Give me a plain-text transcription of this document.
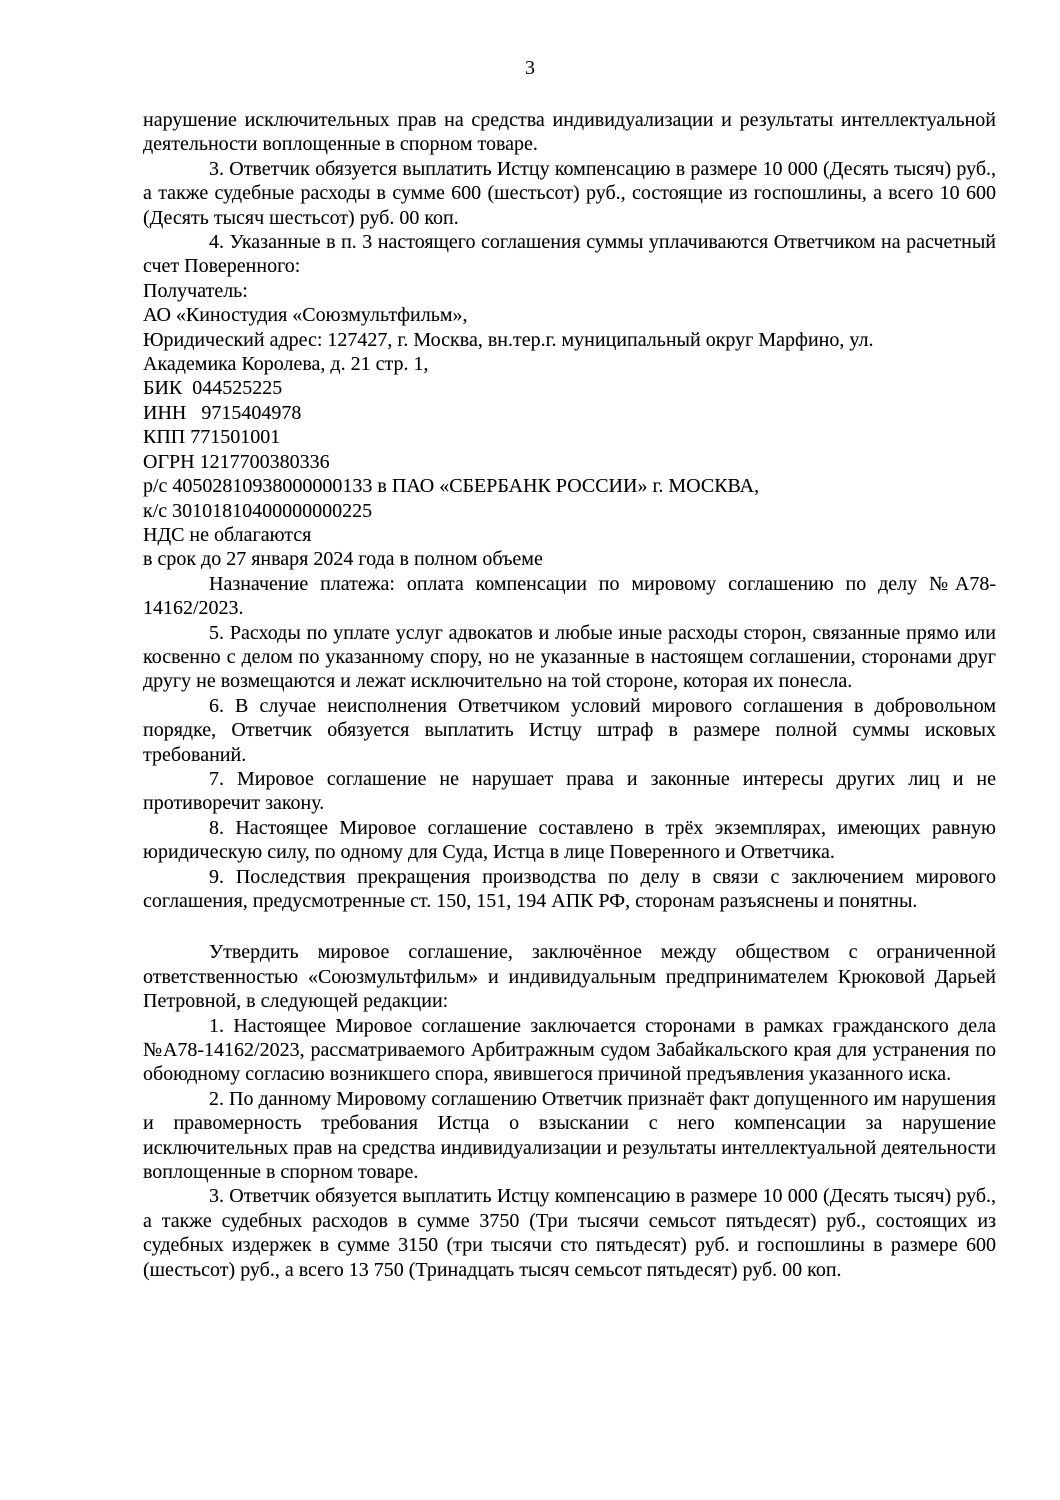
3

нарушение исключительных прав на средства индивидуализации и результаты интеллектуальной деятельности воплощенные в спорном товаре.

3. Ответчик обязуется выплатить Истцу компенсацию в размере 10 000 (Десять тысяч) руб., а также судебные расходы в сумме 600 (шестьсот) руб., состоящие из госпошлины, а всего 10 600 (Десять тысяч шестьсот) руб. 00 коп.

4. Указанные в п. 3 настоящего соглашения суммы уплачиваются Ответчиком на расчетный счет Поверенного:

Получатель:

АО «Киностудия «Союзмультфильм»,

Юридический адрес: 127427, г. Москва, вн.тер.г. муниципальный округ Марфино, ул.

Академика Королева, д. 21 стр. 1,

БИК  044525225

ИНН   9715404978

КПП 771501001

ОГРН 1217700380336

р/с 40502810938000000133 в ПАО «СБЕРБАНК РОССИИ» г. МОСКВА,

к/с 30101810400000000225

НДС не облагаются

в срок до 27 января 2024 года в полном объеме

Назначение платежа: оплата компенсации по мировому соглашению по делу №А78-14162/2023.

5. Расходы по уплате услуг адвокатов и любые иные расходы сторон, связанные прямо или косвенно с делом по указанному спору, но не указанные в настоящем соглашении, сторонами друг другу не возмещаются и лежат исключительно на той стороне, которая их понесла.

6. В случае неисполнения Ответчиком условий мирового соглашения в добровольном порядке, Ответчик обязуется выплатить Истцу штраф в размере полной суммы исковых требований.

7. Мировое соглашение не нарушает права и законные интересы других лиц и не противоречит закону.

8. Настоящее Мировое соглашение составлено в трёх экземплярах, имеющих равную юридическую силу, по одному для Суда, Истца в лице Поверенного и Ответчика.

9. Последствия прекращения производства по делу в связи с заключением мирового соглашения, предусмотренные ст. 150, 151, 194 АПК РФ, сторонам разъяснены и понятны.

Утвердить мировое соглашение, заключённое между обществом с ограниченной ответственностью «Союзмультфильм» и индивидуальным предпринимателем Крюковой Дарьей Петровной, в следующей редакции:

1. Настоящее Мировое соглашение заключается сторонами в рамках гражданского дела №А78-14162/2023, рассматриваемого Арбитражным судом Забайкальского края для устранения по обоюдному согласию возникшего спора, явившегося причиной предъявления указанного иска.

2. По данному Мировому соглашению Ответчик признаёт факт допущенного им нарушения и правомерность требования Истца о взыскании с него компенсации за нарушение исключительных прав на средства индивидуализации и результаты интеллектуальной деятельности воплощенные в спорном товаре.

3. Ответчик обязуется выплатить Истцу компенсацию в размере 10 000 (Десять тысяч) руб., а также судебных расходов в сумме 3750 (Три тысячи семьсот пятьдесят) руб., состоящих из судебных издержек в сумме 3150 (три тысячи сто пятьдесят) руб. и госпошлины в размере 600 (шестьсот) руб., а всего 13 750 (Тринадцать тысяч семьсот пятьдесят) руб. 00 коп.
